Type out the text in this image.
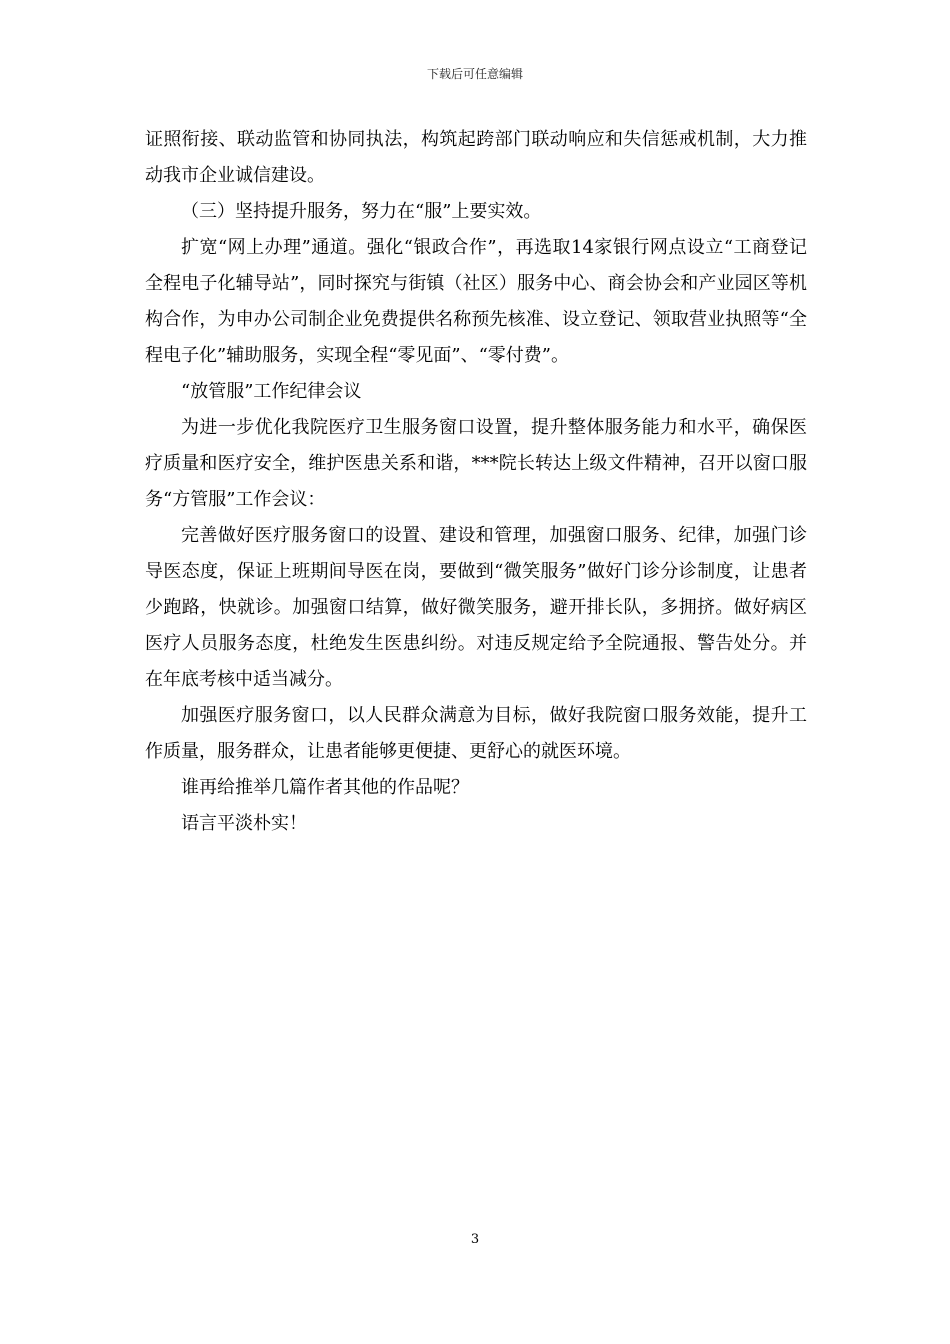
下载后可任意编辑

证照衔接、联动监管和协同执法，构筑起跨部门联动响应和失信惩戒机制，大力推动我市企业诚信建设。

（三）坚持提升服务，努力在“服”上要实效。

扩宽“网上办理”通道。强化“银政合作”，再选取14家银行网点设立“工商登记全程电子化辅导站”，同时探究与街镇（社区）服务中心、商会协会和产业园区等机构合作，为申办公司制企业免费提供名称预先核准、设立登记、领取营业执照等“全程电子化”辅助服务，实现全程“零见面”、“零付费”。

“放管服”工作纪律会议

为进一步优化我院医疗卫生服务窗口设置，提升整体服务能力和水平，确保医疗质量和医疗安全，维护医患关系和谐，***院长转达上级文件精神，召开以窗口服务“方管服”工作会议：

完善做好医疗服务窗口的设置、建设和管理，加强窗口服务、纪律，加强门诊导医态度，保证上班期间导医在岗，要做到“微笑服务”做好门诊分诊制度，让患者少跑路，快就诊。加强窗口结算，做好微笑服务，避开排长队，多拥挤。做好病区医疗人员服务态度，杜绝发生医患纠纷。对违反规定给予全院通报、警告处分。并在年底考核中适当减分。

加强医疗服务窗口，以人民群众满意为目标，做好我院窗口服务效能，提升工作质量，服务群众，让患者能够更便捷、更舒心的就医环境。

谁再给推举几篇作者其他的作品呢？

语言平淡朴实！

3
